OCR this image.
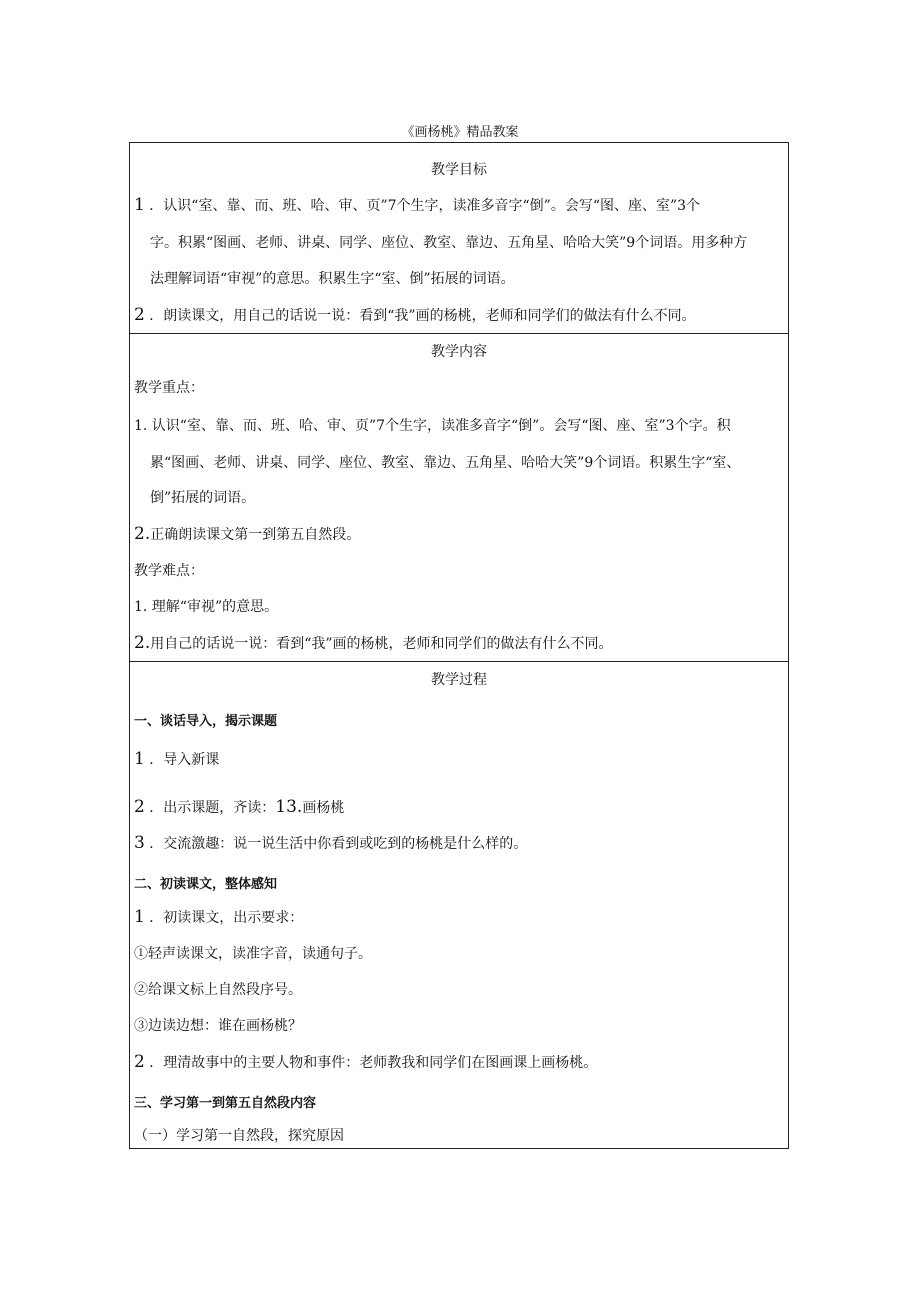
《画杨桃》精品教案
教学目标
1 ．认识“室、靠、而、班、哈、审、页”7个生字，读准多音字“倒”。会写“图、座、室”3个
字。积累“图画、老师、讲桌、同学、座位、教室、靠边、五角星、哈哈大笑”9个词语。用多种方
法理解词语“审视”的意思。积累生字“室、倒”拓展的词语。
2 ．朗读课文，用自己的话说一说：看到“我”画的杨桃，老师和同学们的做法有什么不同。
教学内容
教学重点：
1. 认识“室、靠、而、班、哈、审、页”7个生字，读准多音字“倒”。会写“图、座、室”3个字。积
累“图画、老师、讲桌、同学、座位、教室、靠边、五角星、哈哈大笑”9个词语。积累生字“室、
倒”拓展的词语。
2.正确朗读课文第一到第五自然段。
教学难点：
1. 理解“审视”的意思。
2.用自己的话说一说：看到“我”画的杨桃，老师和同学们的做法有什么不同。
教学过程
一、谈话导入，揭示课题
1 ．导入新课
2 ．出示课题，齐读：13.画杨桃
3 ．交流激趣：说一说生活中你看到或吃到的杨桃是什么样的。
二、初读课文，整体感知
1 ．初读课文，出示要求：
①轻声读课文，读准字音，读通句子。
②给课文标上自然段序号。
③边读边想：谁在画杨桃？
2 ．理清故事中的主要人物和事件：老师教我和同学们在图画课上画杨桃。
三、学习第一到第五自然段内容
（一）学习第一自然段，探究原因
